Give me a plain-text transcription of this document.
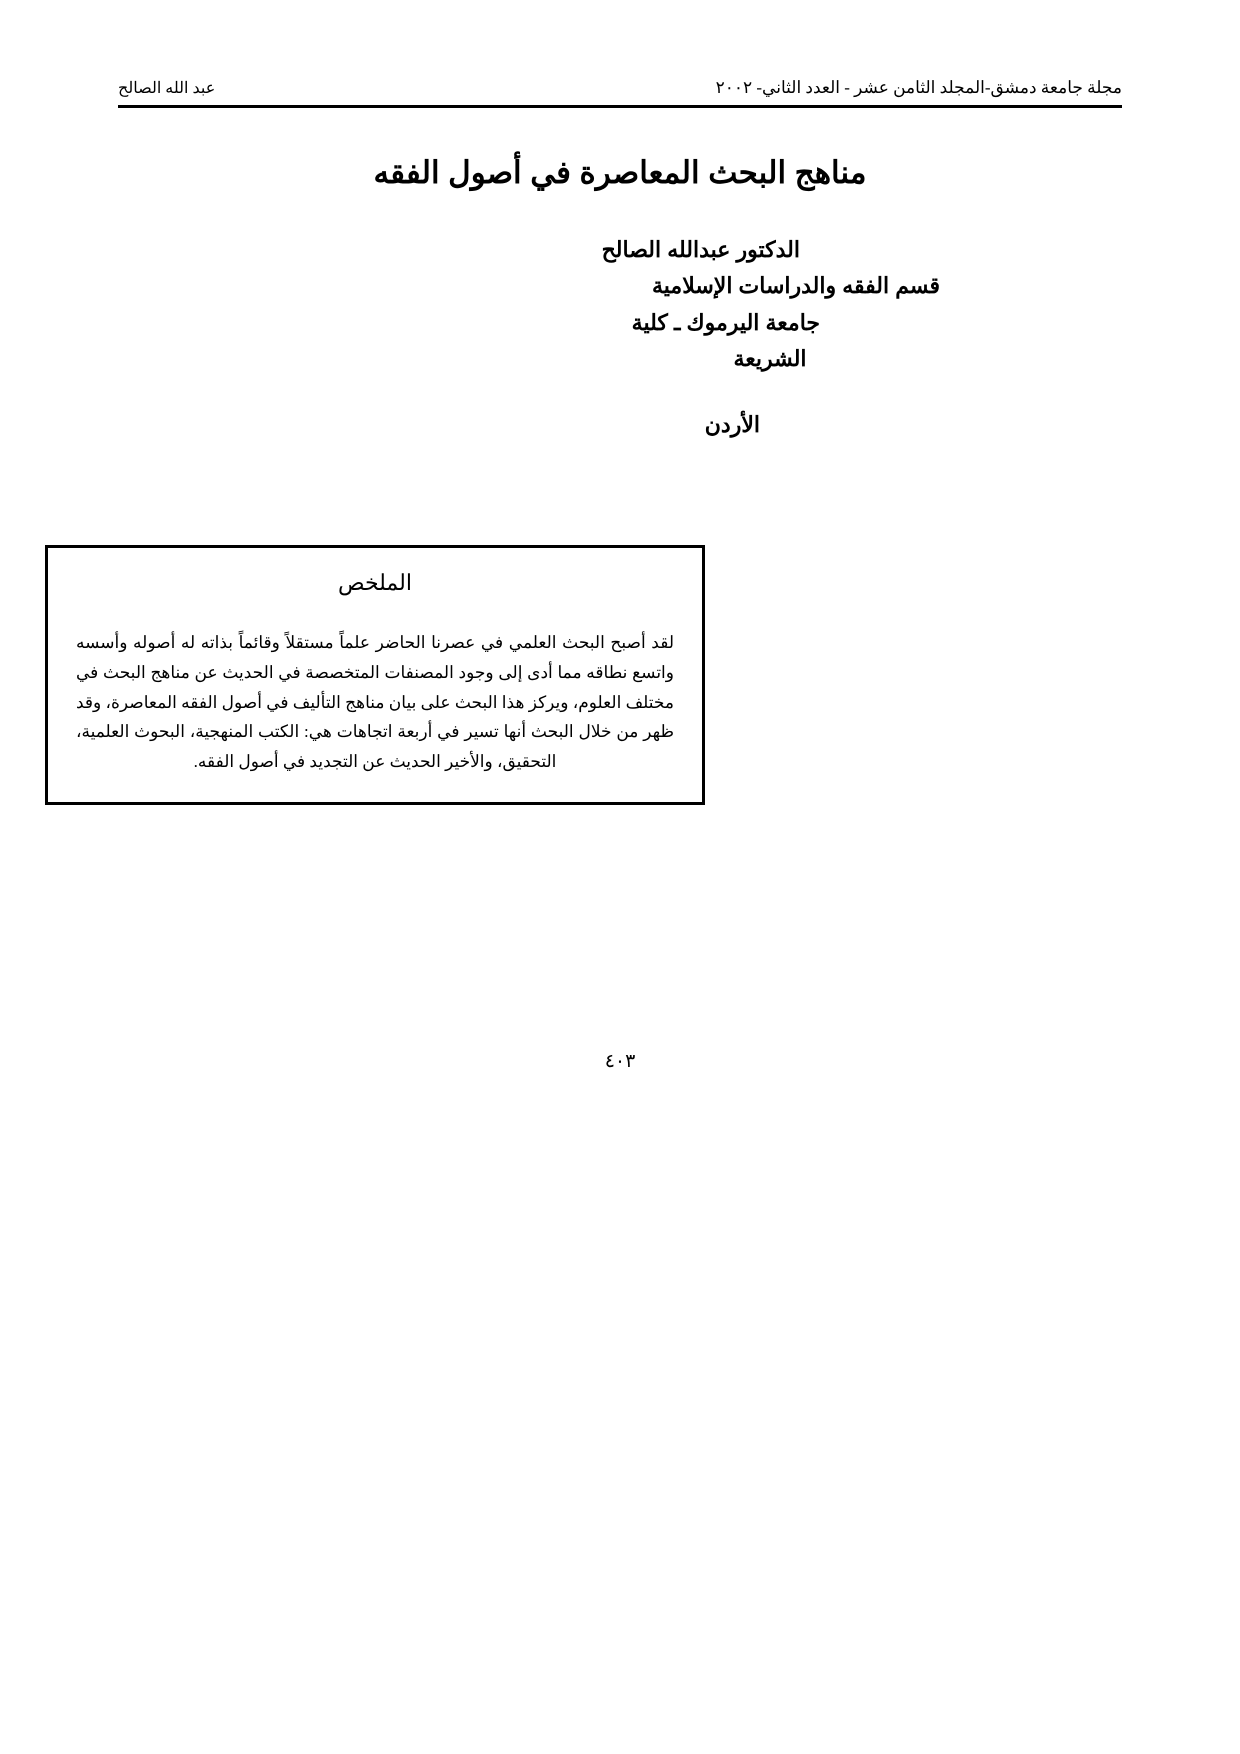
مجلة جامعة دمشق-المجلد الثامن عشر - العدد الثاني- ٢٠٠٢
عبد الله الصالح
مناهج البحث المعاصرة في أصول الفقه
الدكتور عبدالله الصالح
قسم الفقه والدراسات الإسلامية
جامعة اليرموك ـ كلية
الشريعة
الأردن
الملخص
لقد أصبح البحث العلمي في عصرنا الحاضر علماً مستقلاً وقائماً بذاته له أصوله وأسسه واتسع نطاقه مما أدى إلى وجود المصنفات المتخصصة في الحديث عن مناهج البحث في مختلف العلوم، ويركز هذا البحث على بيان مناهج التأليف في أصول الفقه المعاصرة، وقد ظهر من خلال البحث أنها تسير في أربعة اتجاهات هي: الكتب المنهجية، البحوث العلمية، التحقيق، والأخير الحديث عن التجديد في أصول الفقه.
٤٠٣
